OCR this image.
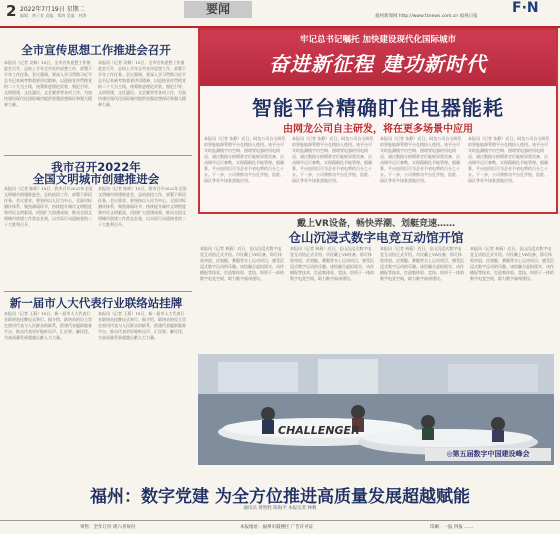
2 2022年7月19日 星期二
编辑：黄子育 责编：郑海 美编：林海	要闻
福州新闻网 http://www.fznews.com.cn 福州日报
F·N
全市宣传思想工作推进会召开
本报讯（记者 吴枫）18日，全市宣传思想工作推进会召开，总结上半年全市宣传思想工作，部署下半年工作任务。会议强调，要深入学习贯彻习近平总书记来闽考察重要讲话精神，以迎接宣传贯彻党的二十大为主线，统筹推进理论武装、舆论引导、文明创建、文化惠民、文艺繁荣等各项工作，为加快建设现代化国际城市提供坚强思想保证和强大精神力量。
本报讯（记者 吴枫）18日，全市宣传思想工作推进会召开，总结上半年全市宣传思想工作，部署下半年工作任务。会议强调，要深入学习贯彻习近平总书记来闽考察重要讲话精神，以迎接宣传贯彻党的二十大为主线，统筹推进理论武装、舆论引导、文明创建、文化惠民、文艺繁荣等各项工作，为加快建设现代化国际城市提供坚强思想保证和强大精神力量。
我市召开2022年
全国文明城市创建推进会
本报讯（记者 陈晖）18日，我市召开2022年全国文明城市创建推进会，总结前段工作，部署下阶段任务。会议要求，要坚持以人民为中心，全面对标测评体系，聚焦薄弱环节，持续提升城市文明程度和市民文明素质，巩固扩大创建成果，推动全国文明城市创建工作常态长效，以实际行动迎接党的二十大胜利召开。
本报讯（记者 陈晖）18日，我市召开2022年全国文明城市创建推进会，总结前段工作，部署下阶段任务。会议要求，要坚持以人民为中心，全面对标测评体系，聚焦薄弱环节，持续提升城市文明程度和市民文明素质，巩固扩大创建成果，推动全国文明城市创建工作常态长效，以实际行动迎接党的二十大胜利召开。
新一届市人大代表行业联络站挂牌
本报讯（记者 王燕）18日，新一届市人大代表行业联络站挂牌仪式举行。据介绍，联络站的设立旨在密切代表与人民群众的联系，搭建代表履职服务平台，推动代表更好地听民声、汇民智、解民忧，为高质量发展超越贡献人大力量。
本报讯（记者 王燕）18日，新一届市人大代表行业联络站挂牌仪式举行。据介绍，联络站的设立旨在密切代表与人民群众的联系，搭建代表履职服务平台，推动代表更好地听民声、汇民智、解民忧，为高质量发展超越贡献人大力量。
牢记总书记嘱托 加快建设现代化国际城市
奋进新征程 建功新时代
智能平台精确盯住电器能耗
由网龙公司自主研发，将在更多场景中应用
本报讯（记者 朱静）近日，网龙公司自主研发的智能能源管理平台在榕投入使用。该平台可实时监测楼宇内空调、照明等电器的用电情况，通过数据分析精准定位能耗异常设备，自动调节运行参数，实现精细化节能管理。据测算，平台投用后可为企业节省电费约百分之十五。下一步，公司将推动平台在学校、医院、园区等更多场景落地应用。
本报讯（记者 朱静）近日，网龙公司自主研发的智能能源管理平台在榕投入使用。该平台可实时监测楼宇内空调、照明等电器的用电情况，通过数据分析精准定位能耗异常设备，自动调节运行参数，实现精细化节能管理。据测算，平台投用后可为企业节省电费约百分之十五。下一步，公司将推动平台在学校、医院、园区等更多场景落地应用。
本报讯（记者 朱静）近日，网龙公司自主研发的智能能源管理平台在榕投入使用。该平台可实时监测楼宇内空调、照明等电器的用电情况，通过数据分析精准定位能耗异常设备，自动调节运行参数，实现精细化节能管理。据测算，平台投用后可为企业节省电费约百分之十五。下一步，公司将推动平台在学校、医院、园区等更多场景落地应用。
本报讯（记者 朱静）近日，网龙公司自主研发的智能能源管理平台在榕投入使用。该平台可实时监测楼宇内空调、照明等电器的用电情况，通过数据分析精准定位能耗异常设备，自动调节运行参数，实现精细化节能管理。据测算，平台投用后可为企业节省电费约百分之十五。下一步，公司将推动平台在学校、医院、园区等更多场景落地应用。
戴上VR设备，畅快弄潮、划艇竞速……
仓山沉浸式数字电竞互动馆开馆
本报讯（记者 林燕）近日，仓山沉浸式数字电竞互动馆正式开馆。市民戴上VR设备，即可体验冲浪、皮划艇、赛艇等水上运动项目，感受沉浸式数字运动的乐趣。该馆融合虚拟现实、动作捕捉等技术，打造集体验、竞技、培训于一体的数字电竞空间，助力数字福州建设。
本报讯（记者 林燕）近日，仓山沉浸式数字电竞互动馆正式开馆。市民戴上VR设备，即可体验冲浪、皮划艇、赛艇等水上运动项目，感受沉浸式数字运动的乐趣。该馆融合虚拟现实、动作捕捉等技术，打造集体验、竞技、培训于一体的数字电竞空间，助力数字福州建设。
本报讯（记者 林燕）近日，仓山沉浸式数字电竞互动馆正式开馆。市民戴上VR设备，即可体验冲浪、皮划艇、赛艇等水上运动项目，感受沉浸式数字运动的乐趣。该馆融合虚拟现实、动作捕捉等技术，打造集体验、竞技、培训于一体的数字电竞空间，助力数字福州建设。
本报讯（记者 林燕）近日，仓山沉浸式数字电竞互动馆正式开馆。市民戴上VR设备，即可体验冲浪、皮划艇、赛艇等水上运动项目，感受沉浸式数字运动的乐趣。该馆融合虚拟现实、动作捕捉等技术，打造集体验、竞技、培训于一体的数字电竞空间，助力数字福州建设。
CHALLENGER
◎第五届数字中国建设峰会
福州：数字党建 为全方位推进高质量发展超越赋能
通讯员 黄智胜 陈海平 本报记者 林帆
零售：全年订价 周六刊每份	本报地址：福州市鼓楼区 广告许可证	印刷：一报 四报 ……
